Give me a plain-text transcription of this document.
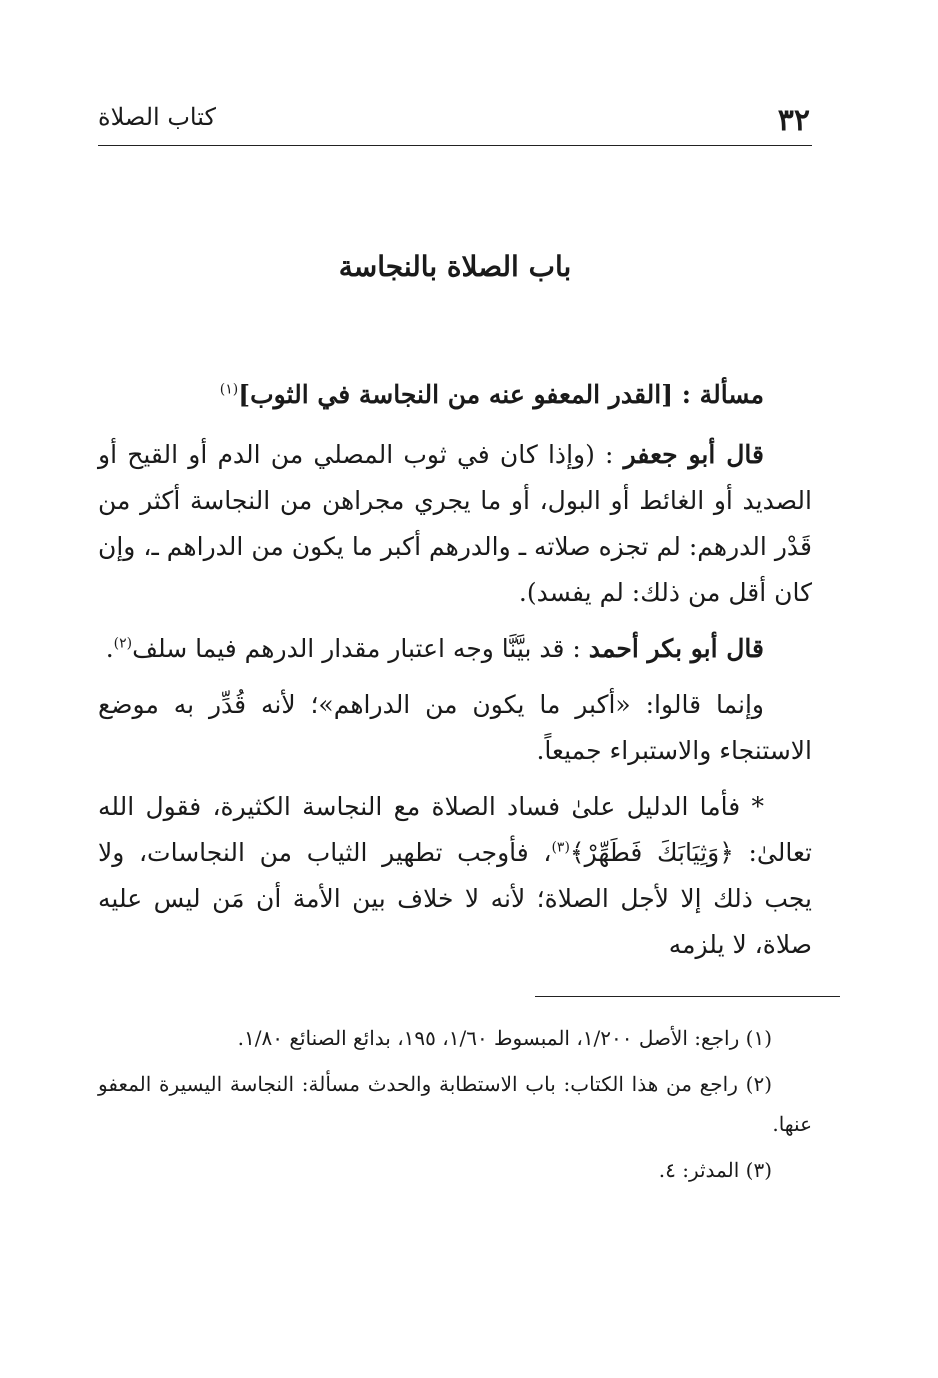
٣٢
كتاب الصلاة
باب الصلاة بالنجاسة

مسألة : [القدر المعفو عنه من النجاسة في الثوب]$^{(١)}$

قال أبو جعفر : (وإذا كان في ثوب المصلي من الدم أو القيح أو الصديد أو الغائط أو البول، أو ما يجري مجراهن من النجاسة أكثر من قَدْر الدرهم: لم تجزه صلاته ـ والدرهم أكبر ما يكون من الدراهم ـ، وإن كان أقل من ذلك: لم يفسد).

قال أبو بكر أحمد : قد بيَّنَّا وجه اعتبار مقدار الدرهم فيما سلف$^{(٢)}$.

وإنما قالوا: «أكبر ما يكون من الدراهم»؛ لأنه قُدِّر به موضع الاستنجاء والاستبراء جميعاً.

* فأما الدليل علىٰ فساد الصلاة مع النجاسة الكثيرة، فقول الله تعالىٰ: ﴿وَثِيَابَكَ فَطَهِّرْ﴾$^{(٣)}$، فأوجب تطهير الثياب من النجاسات، ولا يجب ذلك إلا لأجل الصلاة؛ لأنه لا خلاف بين الأمة أن مَن ليس عليه صلاة، لا يلزمه

(١) راجع: الأصل ١/٢٠٠، المبسوط ١/٦٠، ١٩٥، بدائع الصنائع ١/٨٠.

(٢) راجع من هذا الكتاب: باب الاستطابة والحدث مسألة: النجاسة اليسيرة المعفو عنها.

(٣) المدثر: ٤.
